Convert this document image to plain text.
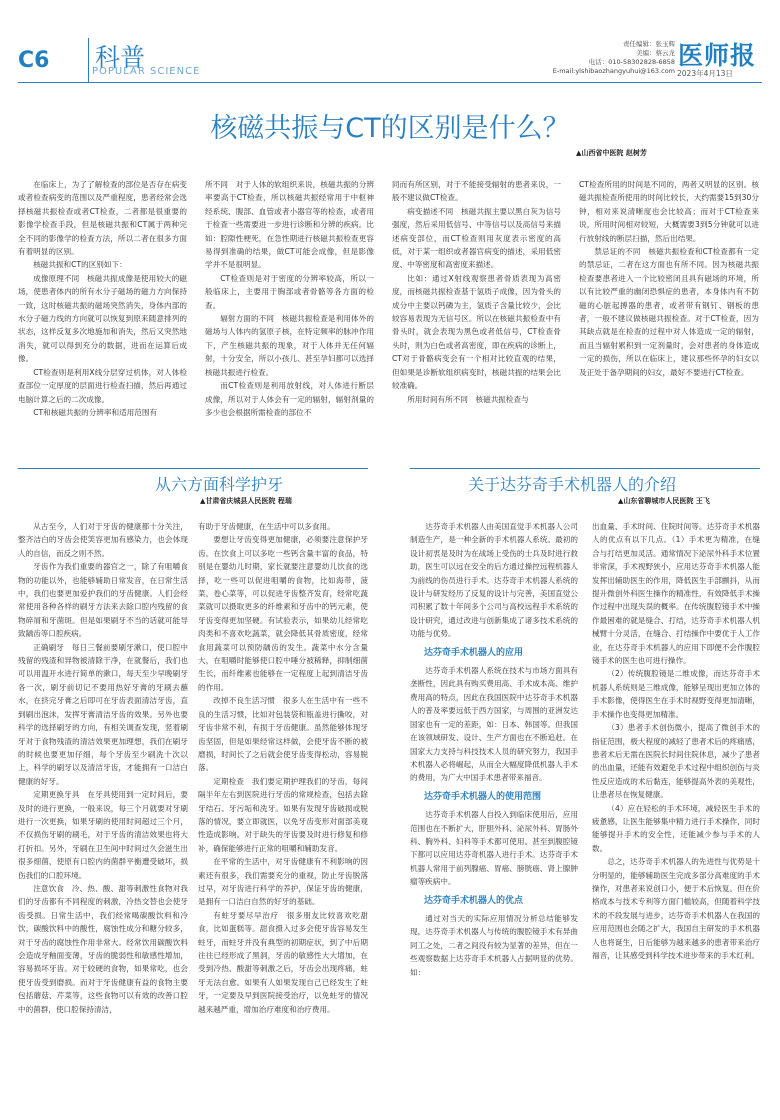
C6 科普
POPULAR SCIENCE
责任编辑：张玉辉
美编：蔡云龙
电话：010-58302828-6858
E-mail:ylshibaozhangyuhui@163.com
医师报
2023年4月13日
核磁共振与CT的区别是什么？
▲山西省中医院 赵树芳

在临床上，为了了解检查的部位是否存在病变或者检查病变的范围以及严重程度，患者经常会选择核磁共振检查或者CT检查，二者都是很重要的影像学检查手段，但是核磁共振和CT属于两种完全不同的影像学的检查方法，所以二者在很多方面有着明显的区别。

核磁共振和CT的区别如下：

成像原理不同　核磁共振成像是使用较大的磁场，使患者体内的所有水分子磁场的磁力方向保持一致，这时核磁共振的磁场突然消失，身体内部的水分子磁力线的方向就可以恢复到原来随意排列的状态，这样反复多次地施加和消失，然后又突然地消失，就可以得到充分的数据，进而在运算后成像。

CT检查则是利用X线分层穿过机体，对人体检查部位一定厚度的层面进行检查扫描，然后再通过电脑计算之后的二次成像。

CT和核磁共振的分辨率和适用范围有

所不同　对于人体的软组织来说，核磁共振的分辨率要高于CT检查，所以核磁共振经常用于中枢神经系统、腹部、血管或者小器官等的检查，或者用于检查一些需要进一步进行诊断和分辨的疾病。比如：腔隙性梗死，在急性期进行核磁共振检查更容易得到准确的结果，做CT可能会成像，但是影像学并不是很明显。

CT检查则是对于密度的分辨率较高，所以一般临床上，主要用于胸部或者骨骼等各方面的检查。

辐射方面的不同　核磁共振检查是利用体外的磁场与人体内的氢原子核，在特定频率的脉冲作用下，产生核磁共振的现象，对于人体并无任何辐射，十分安全，所以小孩儿、甚至孕妇都可以选择核磁共振进行检查。

而CT检查则是利用放射线，对人体进行断层成像，所以对于人体会有一定的辐射，辐射剂量的多少也会根据所需检查的部位不

同而有所区别，对于不能接受辐射的患者来说，一般不建议做CT检查。

病变描述不同　核磁共振主要以黑白灰为信号强度，然后采用低信号、中等信号以及高信号来描述病变部位，而CT检查则用灰度表示密度的高低，对于某一组织或者器官病变的描述，采用低密度、中等密度和高密度来描述。

比如：通过X射线观察患者骨质表现为高密度，而核磁共振检查基于氢质子成像，因为骨头的成分中主要以钙磷为主，氢质子含量比较少，会比较容易表现为无信号区。所以在核磁共振检查中有骨头时，就会表现为黑色或者低信号，CT检查骨头时，则为白色或者高密度，即在疾病的诊断上，CT对于骨骼病变会有一个相对比较直观的结果，但如果是诊断软组织病变时，核磁共振的结果会比较准确。

所用时间有所不同　核磁共振检查与

CT检查所用的时间是不同的，两者又明显的区别。核磁共振检查所使用的时间比较长，大约需要15到30分钟，相对来说清晰度也会比较高；而对于CT检查来说，所用时间相对较短，大概需要3到5分钟就可以进行放射线的断层扫描，然后出结果。

禁忌证的不同　核磁共振检查和CT检查都有一定的禁忌证，二者在这方面也有所不同。因为核磁共振检查要患者进入一个比较密闭且具有磁场的环境，所以有比较严重的幽闭恐惧症的患者，本身体内有不防磁的心脏起搏器的患者，或者带有钢钉、钢板的患者，一般不建议做核磁共振检查。对于CT检查，因为其缺点就是在检查的过程中对人体造成一定的辐射，而且当辐射累积到一定剂量时，会对患者的身体造成一定的损伤，所以在临床上，建议那些怀孕的妇女以及正处于备孕期间的妇女，最好不要进行CT检查。

从六方面科学护牙
▲甘肃省庆城县人民医院 程瑞

从古至今，人们对于牙齿的健康都十分关注，整齐洁白的牙齿会使笑容更加有感染力，也会体现人的自信，而反之则不然。

牙齿作为我们重要的器官之一，除了有咀嚼食物的功能以外，也能够辅助日常发音，在日常生活中，我们也要更加爱护我们的牙齿健康。人们会经常使用各种各样的刷牙方法来去除口腔内残留的食物碎屑和牙菌斑。但是如果刷牙不当的话就可能导致龋齿等口腔疾病。

正确刷牙　每日三餐前要刷牙漱口，使口腔中残留的残渣和异物被清除干净，在就餐后，我们也可以用温开水进行简单的漱口，每天至少早晚刷牙各一次，刷牙前切记不要用热好牙膏的牙刷去蘸水，在挤完牙膏之后即可在牙齿表面清洁牙齿，直到刷出泡沫，发挥牙膏清洁牙齿的效果。另外也要科学的选择刷牙的方向，有相关调查发现，竖着刷牙对于食物残渣的清洁效果更加理想，我们在刷牙的时候也要更加仔细，每个牙齿至少刷洗十次以上，科学的刷牙以及清洁牙齿，才能拥有一口洁白健康的好牙。

定期更换牙具　在牙具使用到一定时间后，要及时的进行更换，一般来说，每三个月就要对牙刷进行一次更换，如果牙刷的使用时间超过三个月，不仅损伤牙刷的刷毛，对于牙齿的清洁效果也将大打折扣。另外，牙刷在卫生间中时间过久会滋生出很多细菌，使原有口腔内的菌群平衡遭受破坏，损伤我们的口腔环境。

注意饮食　冷、热、酸、甜等刺激性食物对我们的牙齿都有不同程度的刺激，冷热交替也会使牙齿受损。日常生活中，我们经常喝碳酸饮料和冷饮，碳酸饮料中的酸性，腐蚀性成分和糖分较多，对于牙齿的腐蚀性作用非常大。经常饮用碳酸饮料会造成牙釉面变薄，牙齿的脆弱性和敏感性增加，容易损坏牙齿。对于较硬的食物，如果常吃，也会使牙齿受到磨损。而对于牙齿健康有益的食物主要包括蘑菇、芹菜等，这些食物可以有效的改善口腔中的菌群，使口腔保持清洁，

有助于牙齿健康，在生活中可以多食用。

要想让牙齿变得更加健康，必须要注意保护牙齿。在饮食上可以多吃一些钙含量丰富的食品，特别是在婴幼儿时期，家长就要注意婴幼儿饮食的选择，吃一些可以促进咀嚼的食物，比如海带，菠菜，卷心菜等，可以促进牙齿整齐发育，经常吃蔬菜就可以摄取更多的纤维素和牙齿中的钙元素，使牙齿变得更加坚硬。有试验表示，如果幼儿经常吃肉类和不喜欢吃蔬菜，就会降低其骨质密度，经常食用蔬菜可以预防龋齿的发生。蔬菜中水分含量大，在咀嚼时能够使口腔中唾分被稀释，抑制细菌生长，而纤维素也能够在一定程度上起到清洁牙齿的作用。

改掉不良生活习惯　很多人在生活中有一些不良的生活习惯，比如对包装袋和瓶盖进行撕咬，对牙齿非常不利，有损于牙齿健康。虽然能够体现牙齿坚固，但是如果经常这样做，会使牙齿不断的被磨损，时间长了之后就会使牙齿变得松动，容易脱落。

定期检查　我们要定期护理我们的牙齿，每间隔半年左右到医院进行牙齿的常规检查，包括去除牙结石、牙污垢和洗牙。如果有发现牙齿破损或脱落的情况，要立即就医，以免牙齿变形对面部美观性造成影响。对于缺失的牙齿要及时进行修复和修补，确保能够进行正常的咀嚼和辅助发音。

在平常的生活中，对牙齿健康有不利影响的因素还有很多，我们需要充分的重视，防止牙齿脱落过早，对牙齿进行科学的养护，保证牙齿的健康，是拥有一口洁白自然的好牙的基础。

有蛀牙要尽早治疗　很多朋友比较喜欢吃甜食，比如蛋糕等。甜食摄入过多会使牙齿容易发生蛀牙，而蛀牙并没有典型的初期症状，到了中后期往往已经形成了黑洞，牙齿的敏感性大大增加，在受到冷热、酸甜等刺激之后，牙齿会出现疼痛，蛀牙无法自愈。如果有人如果发现自己已经发生了蛀牙，一定要及早到医院接受治疗，以免蛀牙的情况越来越严重，增加治疗难度和治疗费用。

关于达芬奇手术机器人的介绍
▲山东省聊城市人民医院 王飞

达芬奇手术机器人由美国直觉手术机器人公司制造生产，是一种全新的手术机器人系统。最初的设计初衷是及时为在战场上受伤的士兵及时进行救助，医生可以远在安全的后方通过操控远程机器人为前线的伤员进行手术。达芬奇手术机器人系统的设计与研发经历了反复的设计与完善，美国直觉公司积累了数十年间多个公司与高校远程手术系统的设计研究，通过改进与创新集成了诸多技术系统的功能与优势。

达芬奇手术机器人的应用

达芬奇手术机器人系统在技术与市场方面具有垄断性，因此具有购买费用高、手术成本高、维护费用高的特点，因此在我国医院中达芬奇手术机器人的普及率要远低于西方国家，与周围的亚洲发达国家也有一定的差距，如：日本、韩国等。但我国在该领域研发、设计、生产方面也在不断追赶。在国家大力支持与科技技术人员的研究努力，我国手术机器人必将崛起，从而全大幅度降低机器人手术的费用，为广大中国手术患者带来福音。

达芬奇手术机器人的使用范围

达芬奇手术机器人自投入到临床使用后，应用范围也在不断扩大，肝胆外科、泌尿外科、胃肠外科、胸外科、妇科等手术都可使用。甚至到腹腔镜下都可以应用达芬奇机器人进行手术。达芬奇手术机器人常用于前列腺癌、胃癌、膀胱癌、肾上腺肿瘤等疾病中。

达芬奇手术机器人的优点

通过对当天的实际应用情况分析总结能够发现，达芬奇手术机器人与传统的腹腔镜手术有异曲同工之处，二者之间没有较为显著的差异，但在一些观察数据上达芬奇手术机器人占据明显的优势。如：

出血量、手术时间、住院时间等。达芬奇手术机器人的优点有以下几点。（1）手术更为精准，在缝合与打结更加灵活。通常情况下泌尿外科手术位置非常深，手术视野狭小，应用达芬奇手术机器人能发挥出辅助医生的作用，降低医生手部颤抖，从而提升微创外科医生操作的精准性，有效降低手术操作过程中出现失误的概率。在传统腹腔镜手术中操作最困难的就是缝合、打结，达芬奇手术机器人机械臂十分灵活，在缝合、打结操作中要优于人工作业，在达芬奇手术机器人的应用下即便不会作腹腔镜手术的医生也可进行操作。

（2）传统腹腔镜是二维成像，而达芬奇手术机器人系统则是三维成像，能够呈现出更加立体的手术影像，使得医生在手术时视野变得更加清晰，手术操作也变得更加精准。

（3）患者手术创伤微小，提高了微创手术的指征范围，极大程度的减轻了患者术后的疼痛感，患者术后无需在医院长时间住院休息，减少了患者的出血量，还能有效避免手术过程中组织创伤与炎性反应造成的术后黏连，能够提高外表的美观性，让患者尽在恢复健康。

（4）应在轻松的手术环境，减轻医生手术的疲惫感，让医生能够集中精力进行手术操作，同时能够提升手术的安全性，还能减少参与手术的人数。

总之，达芬奇手术机器人的先进性与优势是十分明显的，能够辅助医生完成多部分高难度的手术操作，对患者来说创口小，便于术后恢复。但在价格成本与技术专利等方面门槛较高，但随着科学技术的不段发展与进步，达芬奇手术机器人在我国的应用范围也会随之扩大，我国自主研发的手术机器人也将诞生，日后能够为越来越多的患者带来治疗福音，让其感受到科学技术进步带来的手术红利。
